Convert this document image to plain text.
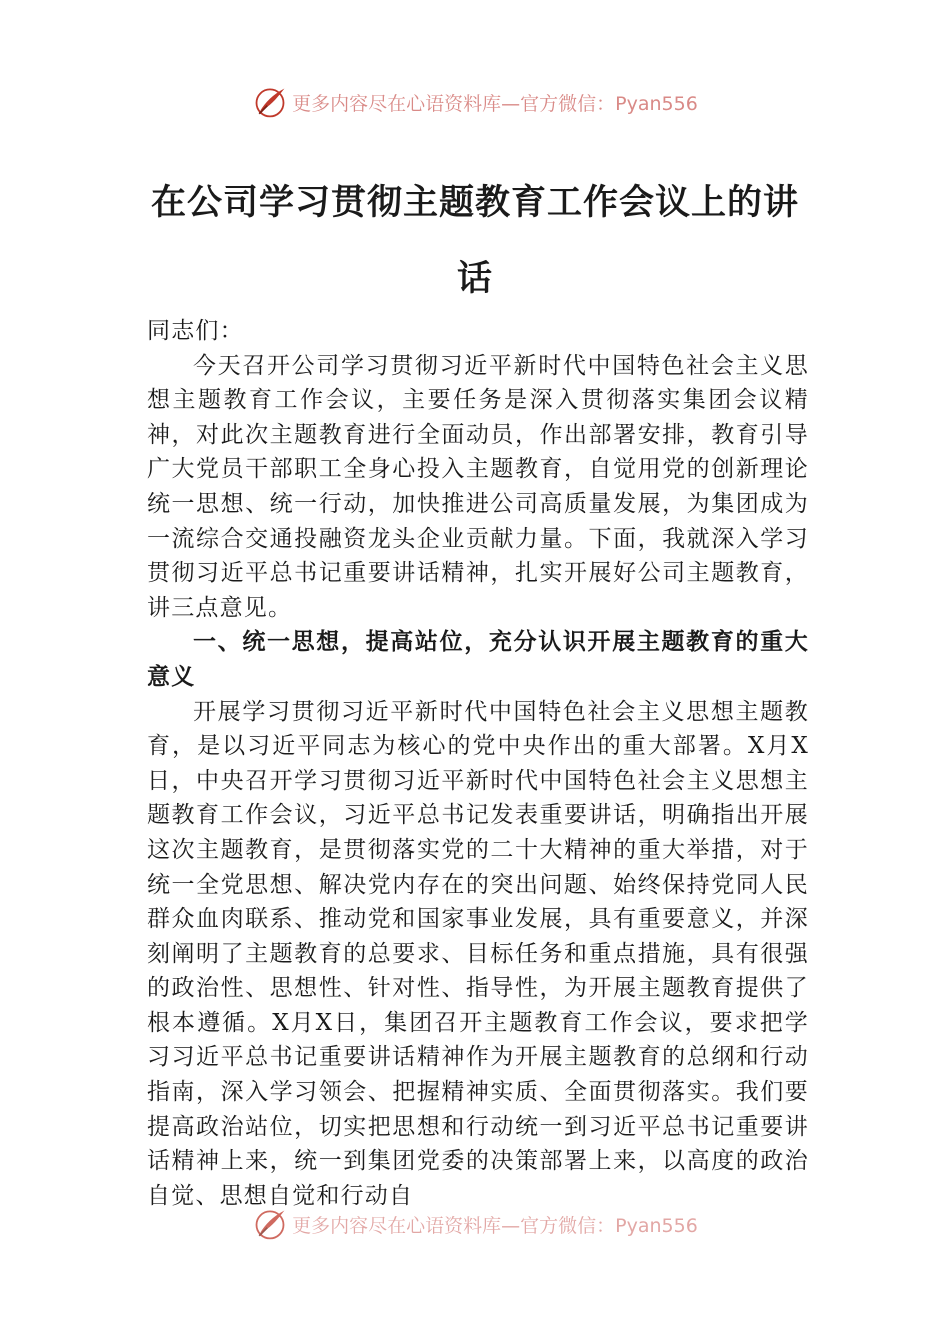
更多内容尽在心语资料库—官方微信：Pyan556
在公司学习贯彻主题教育工作会议上的讲话

同志们：

今天召开公司学习贯彻习近平新时代中国特色社会主义思想主题教育工作会议，主要任务是深入贯彻落实集团会议精神，对此次主题教育进行全面动员，作出部署安排，教育引导广大党员干部职工全身心投入主题教育，自觉用党的创新理论统一思想、统一行动，加快推进公司高质量发展，为集团成为一流综合交通投融资龙头企业贡献力量。下面，我就深入学习贯彻习近平总书记重要讲话精神，扎实开展好公司主题教育，讲三点意见。

一、统一思想，提高站位，充分认识开展主题教育的重大意义

开展学习贯彻习近平新时代中国特色社会主义思想主题教育，是以习近平同志为核心的党中央作出的重大部署。X月X日，中央召开学习贯彻习近平新时代中国特色社会主义思想主题教育工作会议，习近平总书记发表重要讲话，明确指出开展这次主题教育，是贯彻落实党的二十大精神的重大举措，对于统一全党思想、解决党内存在的突出问题、始终保持党同人民群众血肉联系、推动党和国家事业发展，具有重要意义，并深刻阐明了主题教育的总要求、目标任务和重点措施，具有很强的政治性、思想性、针对性、指导性，为开展主题教育提供了根本遵循。X月X日，集团召开主题教育工作会议，要求把学习习近平总书记重要讲话精神作为开展主题教育的总纲和行动指南，深入学习领会、把握精神实质、全面贯彻落实。我们要提高政治站位，切实把思想和行动统一到习近平总书记重要讲话精神上来，统一到集团党委的决策部署上来，以高度的政治自觉、思想自觉和行动自

更多内容尽在心语资料库—官方微信：Pyan556
